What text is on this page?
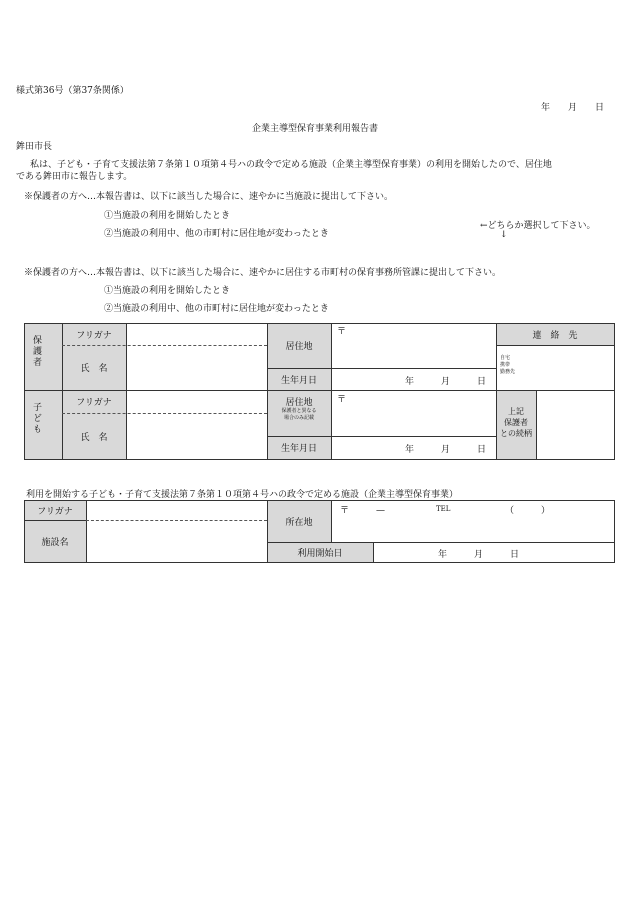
様式第36号（第37条関係）
年　　月　　日
企業主導型保育事業利用報告書
鉾田市長
私は、子ども・子育て支援法第７条第１０項第４号ハの政令で定める施設（企業主導型保育事業）の利用を開始したので、居住地
である鉾田市に報告します。
※保護者の方へ…本報告書は、以下に該当した場合に、速やかに当施設に提出して下さい。
①当施設の利用を開始したとき
②当施設の利用中、他の市町村に居住地が変わったとき
←どちらか選択して下さい。
↓
※保護者の方へ…本報告書は、以下に該当した場合に、速やかに居住する市町村の保育事務所管課に提出して下さい。
①当施設の利用を開始したとき
②当施設の利用中、他の市町村に居住地が変わったとき
保護者
子ども
フリガナ
氏　名
フリガナ
氏　名
居住地
生年月日
居住地
保護者と異なる
場合のみ記載
生年月日
〒
〒
年　　　月　　　日
年　　　月　　　日
連　絡　先
自宅
携帯
勤務先
上記
保護者
との続柄
利用を開始する子ども・子育て支援法第７条第１０項第４号ハの政令で定める施設（企業主導型保育事業）
フリガナ
施設名
所在地
利用開始日
〒　　　—	TEL	（　　　）
年　　　月　　　日
